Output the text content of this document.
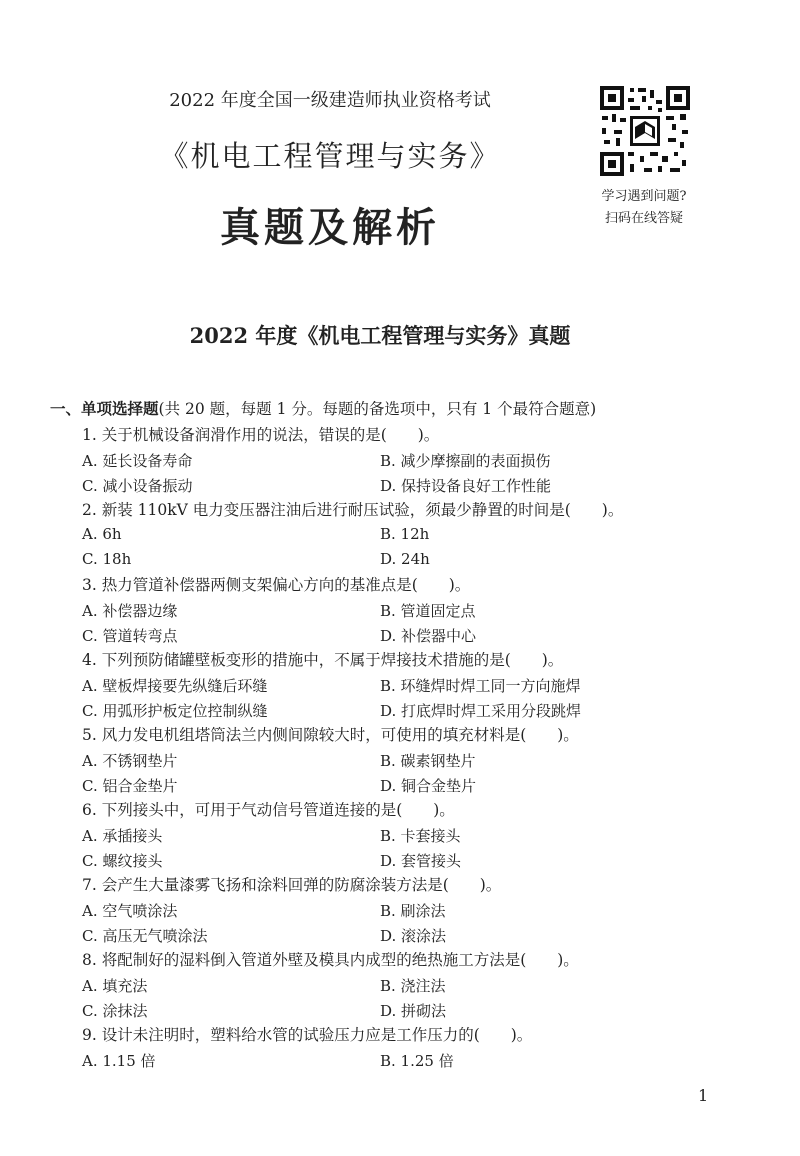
2022 年度全国一级建造师执业资格考试
《机电工程管理与实务》
真题及解析
学习遇到问题?
扫码在线答疑
2022 年度《机电工程管理与实务》真题
一、单项选择题(共 20 题，每题 1 分。每题的备选项中，只有 1 个最符合题意)
1. 关于机械设备润滑作用的说法，错误的是(　　)。
A. 延长设备寿命	B. 减少摩擦副的表面损伤
C. 减小设备振动	D. 保持设备良好工作性能
2. 新装 110kV 电力变压器注油后进行耐压试验，须最少静置的时间是(　　)。
A. 6h	B. 12h
C. 18h	D. 24h
3. 热力管道补偿器两侧支架偏心方向的基准点是(　　)。
A. 补偿器边缘	B. 管道固定点
C. 管道转弯点	D. 补偿器中心
4. 下列预防储罐壁板变形的措施中，不属于焊接技术措施的是(　　)。
A. 壁板焊接要先纵缝后环缝	B. 环缝焊时焊工同一方向施焊
C. 用弧形护板定位控制纵缝	D. 打底焊时焊工采用分段跳焊
5. 风力发电机组塔筒法兰内侧间隙较大时，可使用的填充材料是(　　)。
A. 不锈钢垫片	B. 碳素钢垫片
C. 铝合金垫片	D. 铜合金垫片
6. 下列接头中，可用于气动信号管道连接的是(　　)。
A. 承插接头	B. 卡套接头
C. 螺纹接头	D. 套管接头
7. 会产生大量漆雾飞扬和涂料回弹的防腐涂装方法是(　　)。
A. 空气喷涂法	B. 刷涂法
C. 高压无气喷涂法	D. 滚涂法
8. 将配制好的湿料倒入管道外壁及模具内成型的绝热施工方法是(　　)。
A. 填充法	B. 浇注法
C. 涂抹法	D. 拼砌法
9. 设计未注明时，塑料给水管的试验压力应是工作压力的(　　)。
A. 1.15 倍	B. 1.25 倍
1
